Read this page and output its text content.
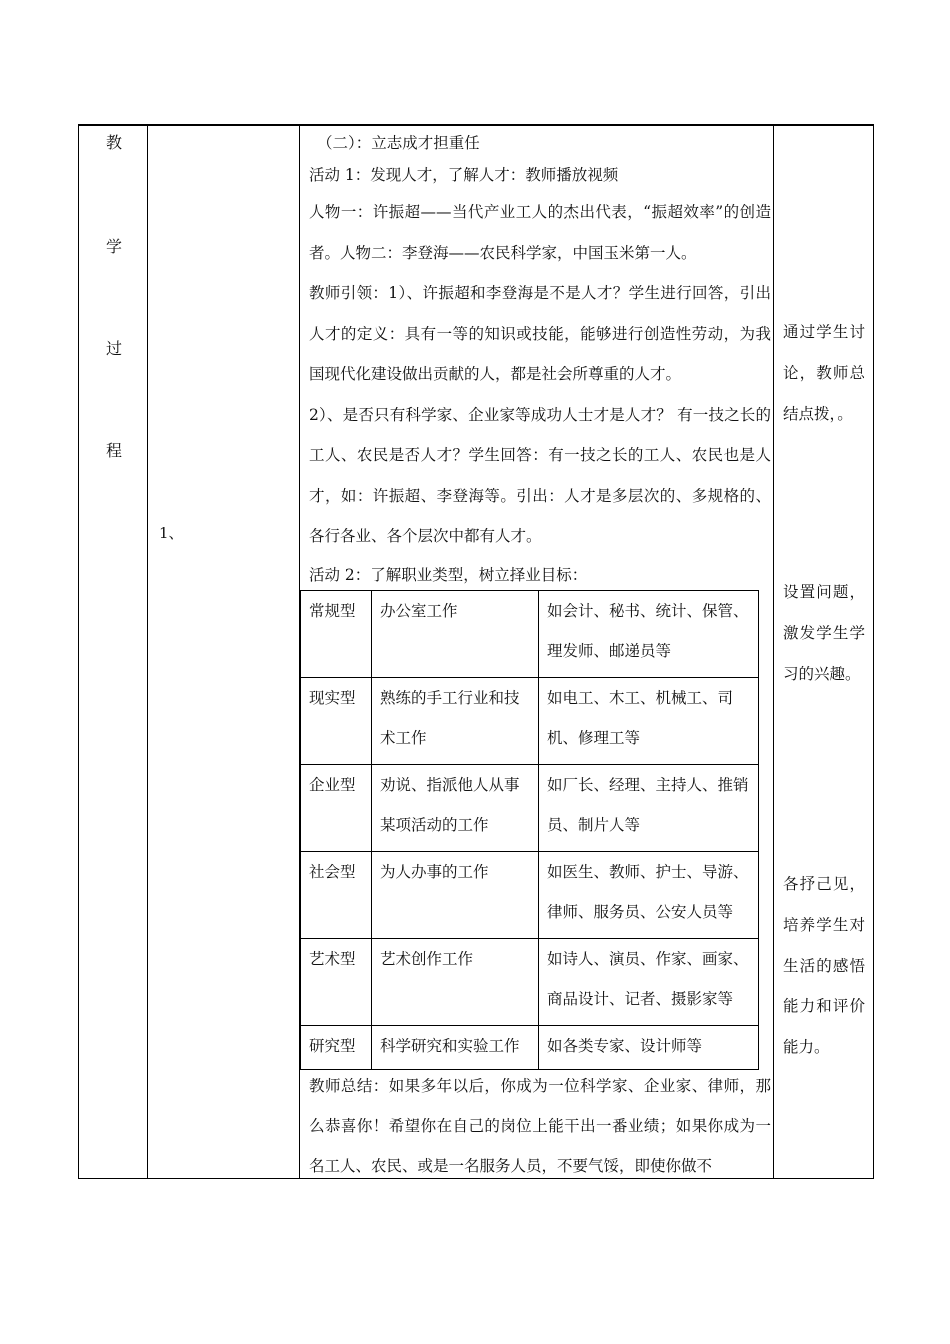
教
学
过
程
1、

（二）：立志成才担重任

活动 1：发现人才，了解人才：教师播放视频

人物一：许振超——当代产业工人的杰出代表，“振超效率”的创造者。人物二：李登海——农民科学家，中国玉米第一人。

教师引领：1）、许振超和李登海是不是人才？学生进行回答，引出人才的定义：具有一等的知识或技能，能够进行创造性劳动，为我国现代化建设做出贡献的人，都是社会所尊重的人才。

2）、是否只有科学家、企业家等成功人士才是人才？ 有一技之长的工人、农民是否人才？学生回答：有一技之长的工人、农民也是人才，如：许振超、李登海等。引出：人才是多层次的、多规格的、各行各业、各个层次中都有人才。

活动 2：了解职业类型，树立择业目标：

常规型	办公室工作	如会计、秘书、统计、保管、理发师、邮递员等
现实型	熟练的手工行业和技术工作	如电工、木工、机械工、司机、修理工等
企业型	劝说、指派他人从事某项活动的工作	如厂长、经理、主持人、推销员、制片人等
社会型	为人办事的工作	如医生、教师、护士、导游、律师、服务员、公安人员等
艺术型	艺术创作工作	如诗人、演员、作家、画家、商品设计、记者、摄影家等
研究型	科学研究和实验工作	如各类专家、设计师等

教师总结：如果多年以后，你成为一位科学家、企业家、律师，那么恭喜你！希望你在自己的岗位上能干出一番业绩；如果你成为一名工人、农民、或是一名服务人员，不要气馁，即使你做不

通过学生讨论，教师总结点拨，。
设置问题，激发学生学习的兴趣。
各抒己见，培养学生对生活的感悟能力和评价能力。
